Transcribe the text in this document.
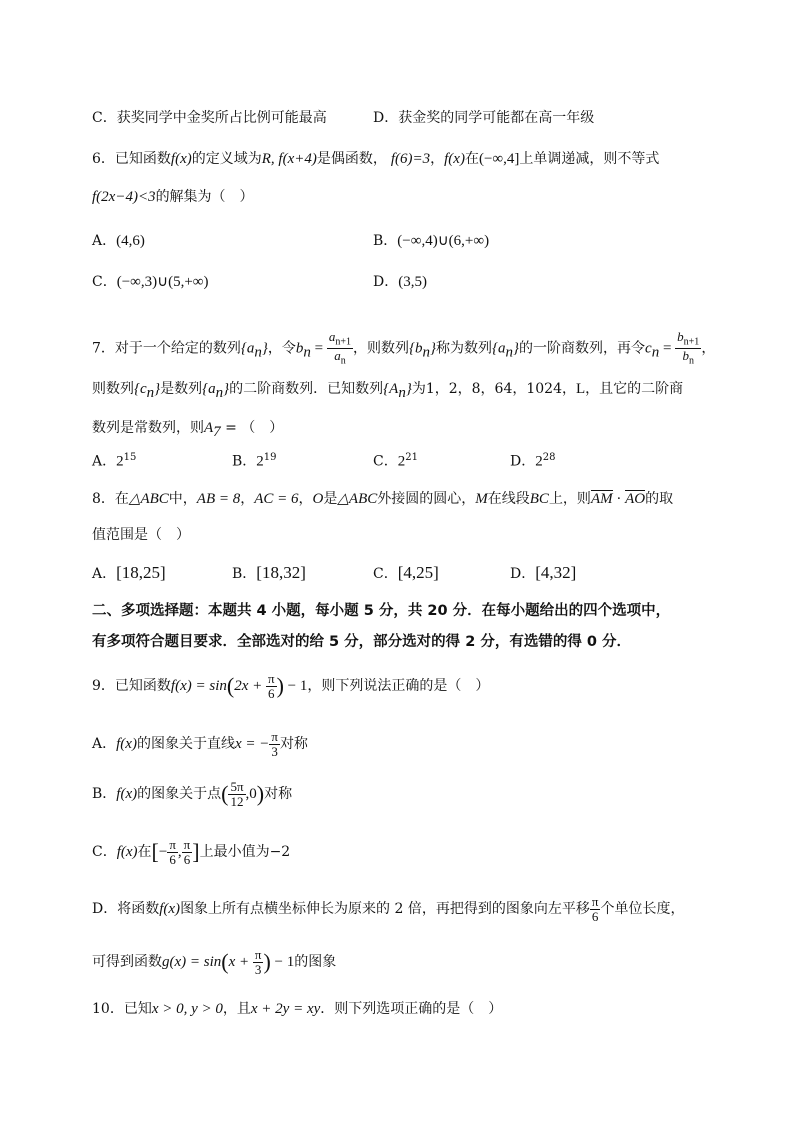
C．获奖同学中金奖所占比例可能最高	D．获金奖的同学可能都在高一年级
6．已知函数f(x)的定义域为R, f(x+4)是偶函数， f(6)=3，f(x)在(−∞,4]上单调递减，则不等式
f(2x−4)<3的解集为（　）
A．(4,6)	B．(−∞,4)∪(6,+∞)
C．(−∞,3)∪(5,+∞)	D．(3,5)
7．对于一个给定的数列$\{a_n\}$，令$b_n = \frac{a_{n+1}}{a_n}$ ，则数列$\{b_n\}$称为数列$\{a_n\}$的一阶商数列，再令$c_n = \frac{b_{n+1}}{b_n}$ ，
则数列$\{c_n\}$是数列$\{a_n\}$的二阶商数列．已知数列$\{A_n\}$为1，2，8，64，1024，L，且它的二阶商
数列是常数列，则$A_7$ = （　）
A．$2^{15}$	B．$2^{19}$	C．$2^{21}$	D．$2^{28}$
8．在△ABC中，AB = 8，AC = 6，O是△ABC外接圆的圆心，M在线段BC上，则AM · AO的取
值范围是（　）
A．[18,25]	B．[18,32]	C．[4,25]	D．[4,32]
二、多项选择题：本题共 4 小题，每小题 5 分，共 20 分．在每小题给出的四个选项中，
有多项符合题目要求．全部选对的给 5 分，部分选对的得 2 分，有选错的得 0 分．
9．已知函数$f(x) = \sin(2x + \frac{\pi}{6}$ ) − 1，则下列说法正确的是（　）
A．f(x)的图象关于直线x = − $\frac{\pi}{3}$ 对称
B．f(x)的图象关于点( $\frac{5\pi}{12} ,0$)对称
C．f(x)在[− $\frac{\pi}{6}$ , $\frac{\pi}{6}$ ]上最小值为−2
D．将函数f(x)图象上所有点横坐标伸长为原来的 2 倍，再把得到的图象向左平移 $\frac{\pi}{6}$ 个单位长度，
可得到函数$g(x) = \sin(x + \frac{\pi}{3}$ ) − 1的图象
10．已知x > 0, y > 0，且x + 2y = xy．则下列选项正确的是（　）
